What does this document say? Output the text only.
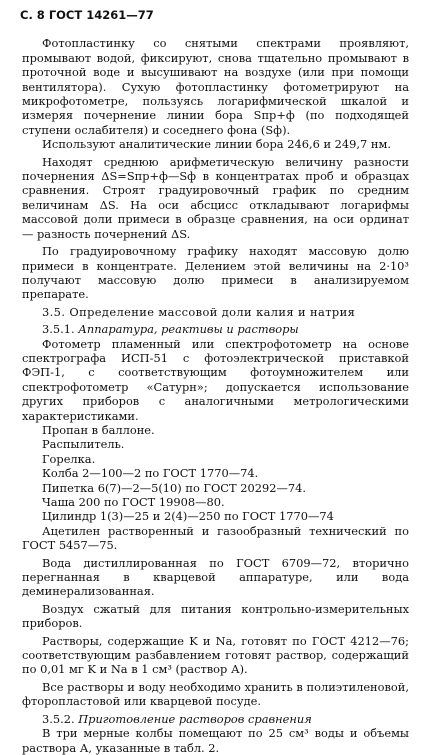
С. 8 ГОСТ 14261—77

Фотопластинку со снятыми спектрами проявляют, промывают водой, фиксируют, снова тщательно промывают в проточной воде и высушивают на воздухе (или при помощи вентилятора). Сухую фотопластинку фотометрируют на микрофотометре, пользуясь логарифмической шкалой и измеряя почернение линии бора Sпр+ф (по подходящей ступени ослабителя) и соседнего фона (Sф).

Используют аналитические линии бора 246,6 и 249,7 нм.

Находят среднюю арифметическую величину разности почернения ΔS=Sпр+ф—Sф в концентратах проб и образцах сравнения. Строят градуировочный график по средним величинам ΔS. На оси абсцисс откладывают логарифмы массовой доли примеси в образце сравнения, на оси ординат — разность почернений ΔS.

По градуировочному графику находят массовую долю примеси в концентрате. Делением этой величины на 2·10³ получают массовую долю примеси в анализируемом препарате.

3.5. Определение массовой доли калия и натрия

3.5.1. Аппаратура, реактивы и растворы

Фотометр пламенный или спектрофотометр на основе спектрографа ИСП-51 с фотоэлектрической приставкой ФЭП-1, с соответствующим фотоумножителем или спектрофотометр «Сатурн»; допускается использование других приборов с аналогичными метрологическими характеристиками.

Пропан в баллоне.

Распылитель.

Горелка.

Колба 2—100—2 по ГОСТ 1770—74.

Пипетка 6(7)—2—5(10) по ГОСТ 20292—74.

Чаша 200 по ГОСТ 19908—80.

Цилиндр 1(3)—25 и 2(4)—250 по ГОСТ 1770—74

Ацетилен растворенный и газообразный технический по ГОСТ 5457—75.

Вода дистиллированная по ГОСТ 6709—72, вторично перегнанная в кварцевой аппаратуре, или вода деминерализованная.

Воздух сжатый для питания контрольно-измерительных приборов.

Растворы, содержащие K и Na, готовят по ГОСТ 4212—76; соответствующим разбавлением готовят раствор, содержащий по 0,01 мг K и Na в 1 см³ (раствор А).

Все растворы и воду необходимо хранить в полиэтиленовой, фторопластовой или кварцевой посуде.

3.5.2. Приготовление растворов сравнения

В три мерные колбы помещают по 25 см³ воды и объемы раствора А, указанные в табл. 2.
